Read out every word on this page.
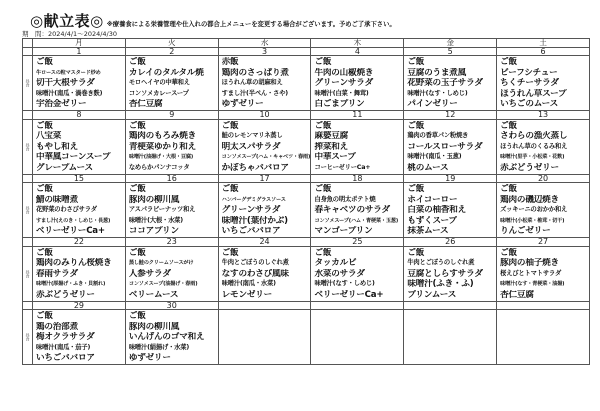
◎献立表◎ ※療養食による栄養管理や仕入れの都合上メニューを変更する場合がございます。予めご了承下さい。
期　間：2024/4/1～2024/4/30
	月	火	水	木	金	土
	1	2	3	4	5	6
昼食	
ご飯
牛ロースの粒マスタード炒め
切干大根サラダ
味噌汁(南瓜・渦巻き麩)
宇治金ゼリー

ご飯
カレイのタルタル焼
モロヘイヤの中華和え
コンソメカレースープ
杏仁豆腐

赤飯
鶏肉のさっぱり煮
ほうれん草の胡麻和え
すまし汁(半ぺん・さや)
ゆずゼリー

ご飯
牛肉の山椒焼き
グリーンサラダ
味噌汁(白菜・舞茸)
白ごまプリン

ご飯
豆腐のうま煮風
花野菜の玉子サラダ
味噌汁(なす・しめじ)
パインゼリー

ご飯
ビーフシチュー
ちくチーサラダ
ほうれん草スープ
いちごのムース

	8	9	10	11	12	13
昼食	
ご飯
八宝菜
もやし和え
中華風コーンスープ
グレープムース

ご飯
鶏肉のもろみ焼き
青梗菜ゆかり和え
味噌汁(油揚げ・大根・豆腐)
なめらかパンナコッタ

ご飯
鮭のレモンマリネ蒸し
明太スパサラダ
コンソメスープ(ハム・キャベツ・春雨)
かぼちゃババロア

ご飯
麻婆豆腐
搾菜和え
中華スープ
コーヒーゼリーCa+

ご飯
鶏肉の香草パン粉焼き
コールスローサラダ
味噌汁(南瓜・玉葱)
桃のムース

ご飯
さわらの漁火蒸し
ほうれん草のくるみ和え
味噌汁(里芋・小松菜・花麩)
赤ぶどうゼリー

	15	16	17	18	19	20
昼食	
ご飯
鯖の味噌煮
花野菜のわさびサラダ
すまし汁(えのき・しめじ・長葱)
ベリーゼリーCa+

ご飯
豚肉の柳川風
アスパラピーナッツ和え
味噌汁(大根・水菜)
ココアプリン

ご飯
ハンバーグデミグラスソース
グリーンサラダ
味噌汁(葉付かぶ)
いちごババロア

ご飯
白身魚の明太ポテト焼
春キャベツのサラダ
コンソメスープ(ハム・青梗菜・玉葱)
マンゴープリン

ご飯
ホイコーロー
白菜の柚香和え
もずくスープ
抹茶ムース

ご飯
鶏肉の磯辺焼き
ズッキーニのおかか和え
味噌汁(小松菜・椎茸・切干)
りんごゼリー

	22	23	24	25	26	27
昼食	
ご飯
鶏肉のみりん桜焼き
春雨サラダ
味噌汁(厚揚げ・ふき・貝割れ)
赤ぶどうゼリー

ご飯
蒸し鮭のクリームソースがけ
人参サラダ
コンソメスープ(油揚げ・春雨)
ベリームース

ご飯
牛肉とごぼうのしぐれ煮
なすのわさび風味
味噌汁(南瓜・水菜)
レモンゼリー

ご飯
タッカルビ
水菜のサラダ
味噌汁(なす・しめじ)
ベリーゼリーCa+

ご飯
牛肉とごぼうのしぐれ煮
豆腐としらすサラダ
味噌汁(ふき・ふ)
プリンムース

ご飯
豚肉の柚子焼き
桜えびとトマトサラダ
味噌汁(なす・青梗菜・油揚)
杏仁豆腐

	29	30				
昼食	
ご飯
鶏の治部煮
梅オクラサラダ
味噌汁(南瓜・茄子)
いちごババロア

ご飯
豚肉の柳川風
いんげんのゴマ和え
味噌汁(絹揚げ・水菜)
ゆずゼリー
